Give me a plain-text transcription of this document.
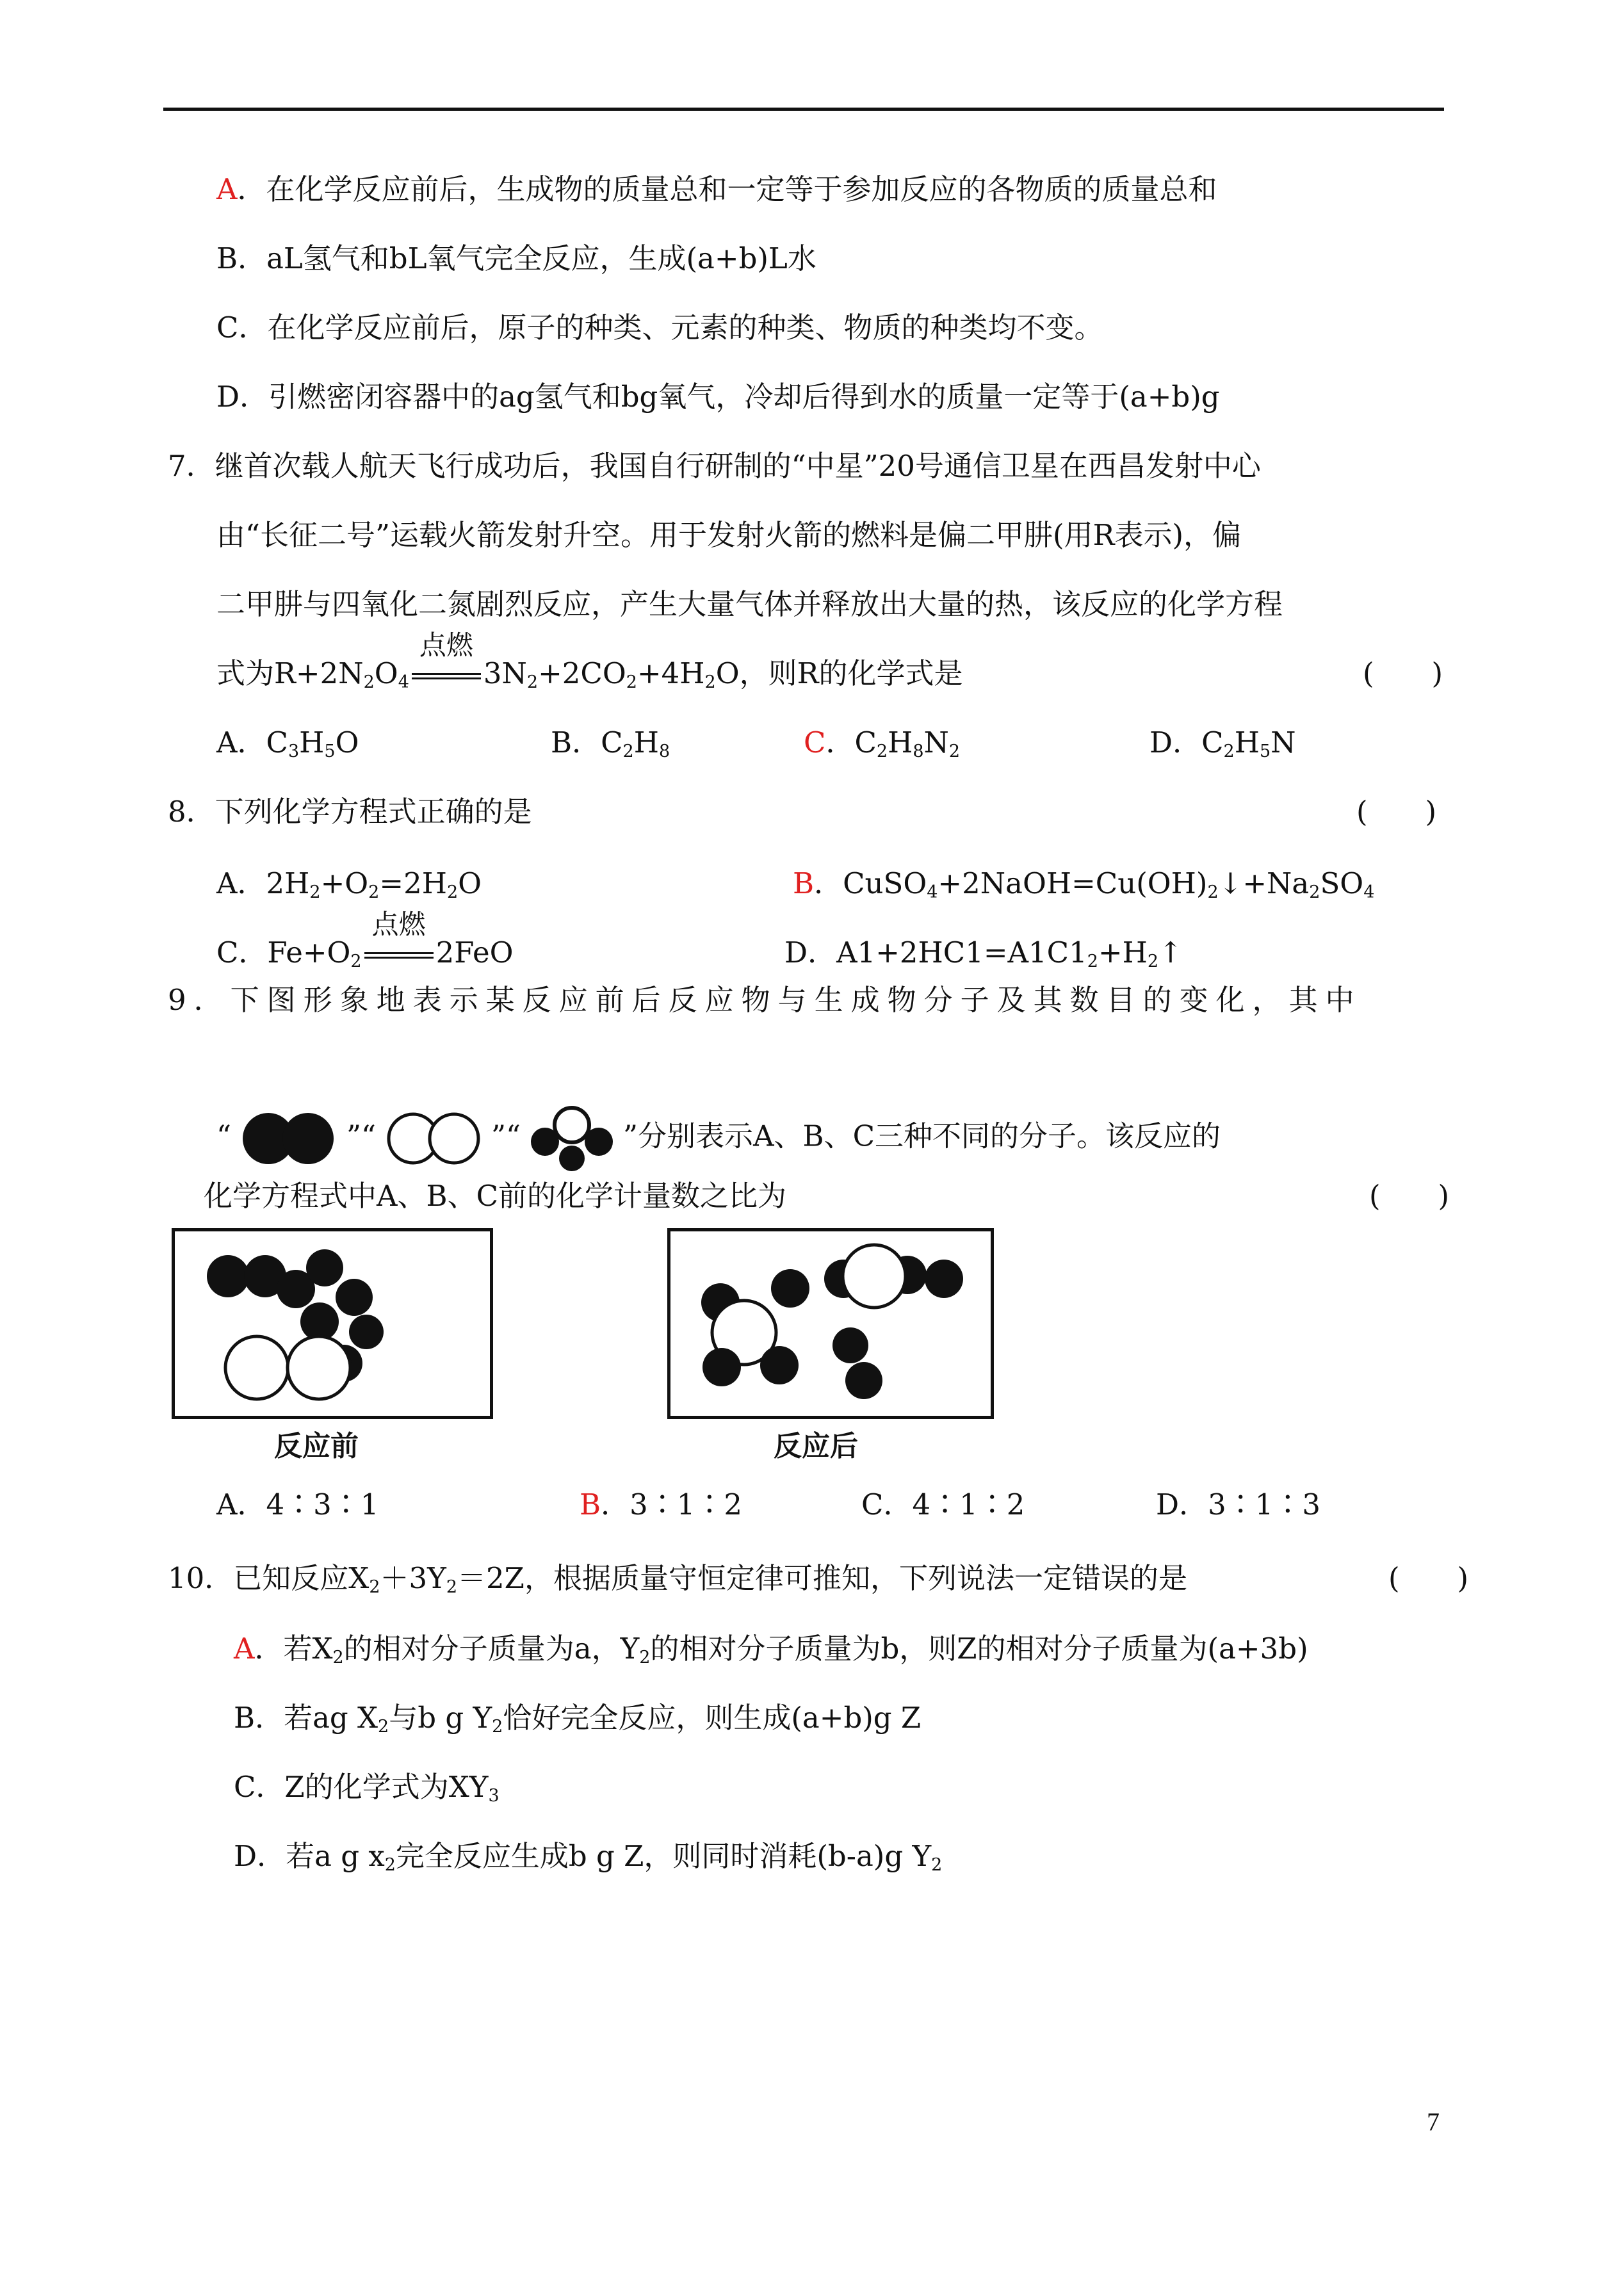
A．在化学反应前后，生成物的质量总和一定等于参加反应的各物质的质量总和
B．aL氢气和bL氧气完全反应，生成(a+b)L水
C．在化学反应前后，原子的种类、元素的种类、物质的种类均不变。
D．引燃密闭容器中的ag氢气和bg氧气，冷却后得到水的质量一定等于(a+b)g
7．继首次载人航天飞行成功后，我国自行研制的“中星”20号通信卫星在西昌发射中心
由“长征二号”运载火箭发射升空。用于发射火箭的燃料是偏二甲肼(用R表示)，偏
二甲肼与四氧化二氮剧烈反应，产生大量气体并释放出大量的热，该反应的化学方程
式为$R+2N_2O_4$
点燃
$3N_2+2CO_2+4H_2O$，则R的化学式是	(　　)
A．$C_3H_5O$	B．$C_2H_8$	C．$C_2H_8N_2$	D．$C_2H_5N$
8．下列化学方程式正确的是	(　　)
A．$2H_2+O_2=2H_2O$	B．$CuSO_4+2NaOH=Cu(OH)_2↓+Na_2SO_4$
C．$Fe+O_2$
点燃
2FeO	D．$A1+2HC1=A1C1_2+H_2↑$
9．下图形象地表示某反应前后反应物与生成物分子及其数目的变化，其中
“	”“	”“	”分别表示A、B、C三种不同的分子。该反应的
化学方程式中A、B、C前的化学计量数之比为	(　　)
反应前	反应后
A．4∶3∶1	B．3∶1∶2	C．4∶1∶2	D．3∶1∶3
10．已知反应$X_2+3Y_2=2Z$，根据质量守恒定律可推知，下列说法一定错误的是	(　　)
A．若$X_2$的相对分子质量为a，$Y_2$的相对分子质量为b，则Z的相对分子质量为(a+3b)
B．若ag $X_2$与b g $Y_2$恰好完全反应，则生成(a+b)g Z
C．Z的化学式为$XY_3$
D．若a g $x_2$完全反应生成b g Z，则同时消耗(b-a)g $Y_2$
7
